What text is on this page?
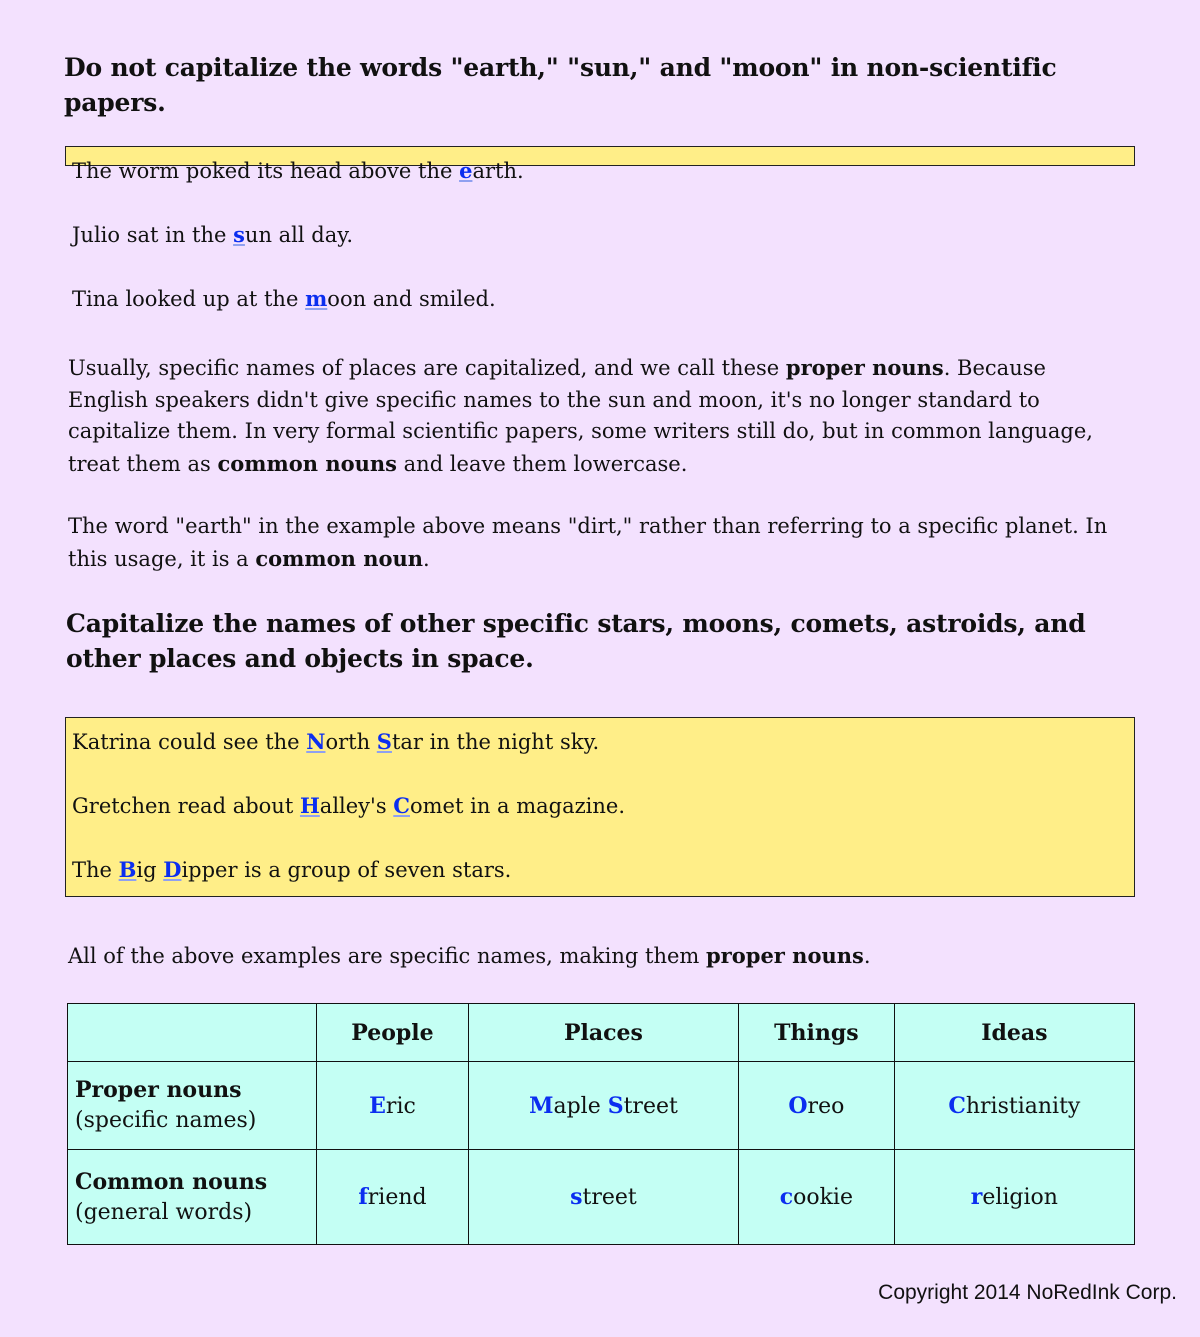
Do not capitalize the words "earth," "sun," and "moon" in non-scientific papers.

The worm poked its head above the earth.

Julio sat in the sun all day.

Tina looked up at the moon and smiled.

Usually, specific names of places are capitalized, and we call these proper nouns. Because English speakers didn't give specific names to the sun and moon, it's no longer standard to capitalize them. In very formal scientific papers, some writers still do, but in common language, treat them as common nouns and leave them lowercase.

The word "earth" in the example above means "dirt," rather than referring to a specific planet. In this usage, it is a common noun.

Capitalize the names of other specific stars, moons, comets, astroids, and other places and objects in space.

Katrina could see the North Star in the night sky.

Gretchen read about Halley's Comet in a magazine.

The Big Dipper is a group of seven stars.

All of the above examples are specific names, making them proper nouns.

	People	Places	Things	Ideas
Proper nouns
(specific names)	Eric	Maple Street	Oreo	Christianity
Common nouns
(general words)	friend	street	cookie	religion
Copyright 2014 NoRedInk Corp.
